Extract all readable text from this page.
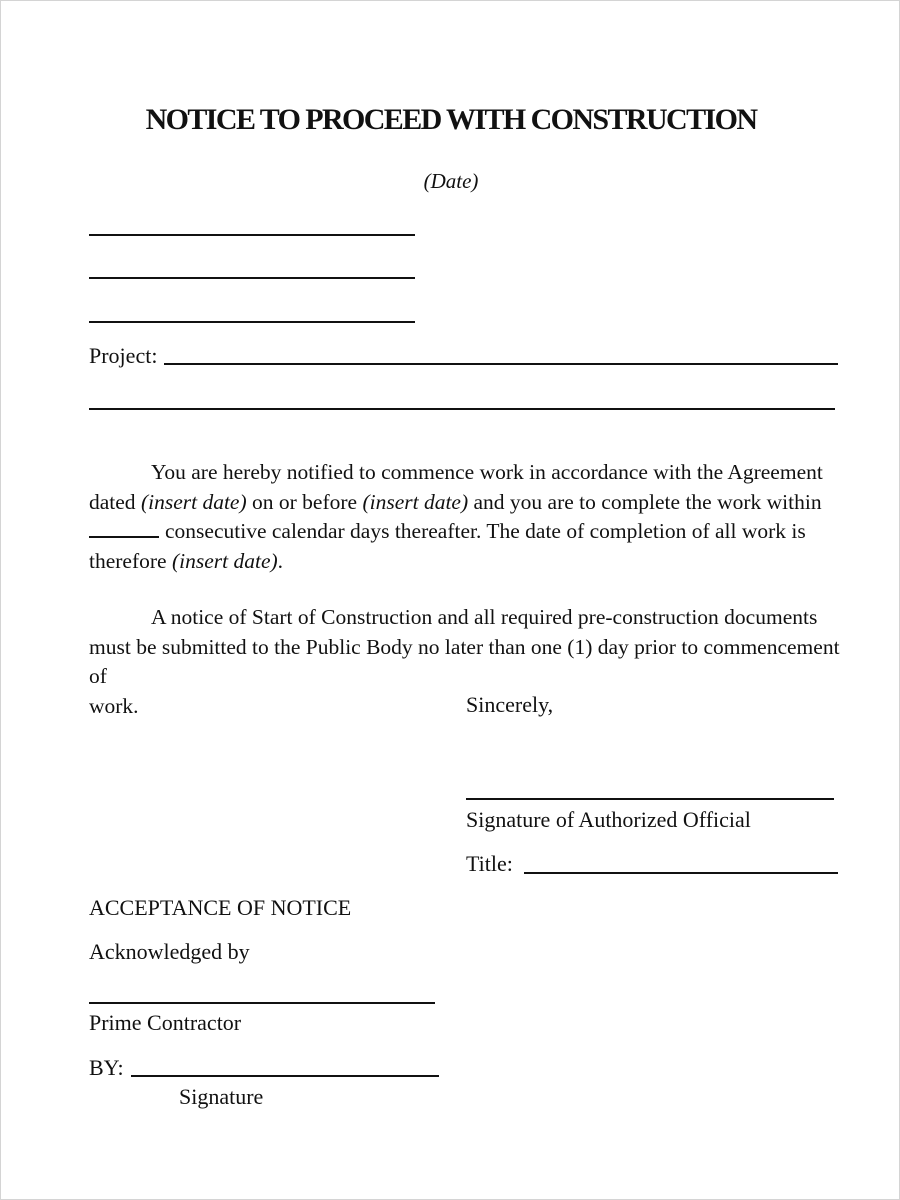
NOTICE TO PROCEED WITH CONSTRUCTION
(Date)
Project:

You are hereby notified to commence work in accordance with the Agreement

dated (insert date) on or before (insert date) and you are to complete the work within

consecutive calendar days thereafter. The date of completion of all work is

therefore (insert date).

A notice of Start of Construction and all required pre-construction documents

must be submitted to the Public Body no later than one (1) day prior to commencement of

work.	Sincerely,
Signature of Authorized Official
Title:
ACCEPTANCE OF NOTICE
Acknowledged by
Prime Contractor
BY:
Signature
